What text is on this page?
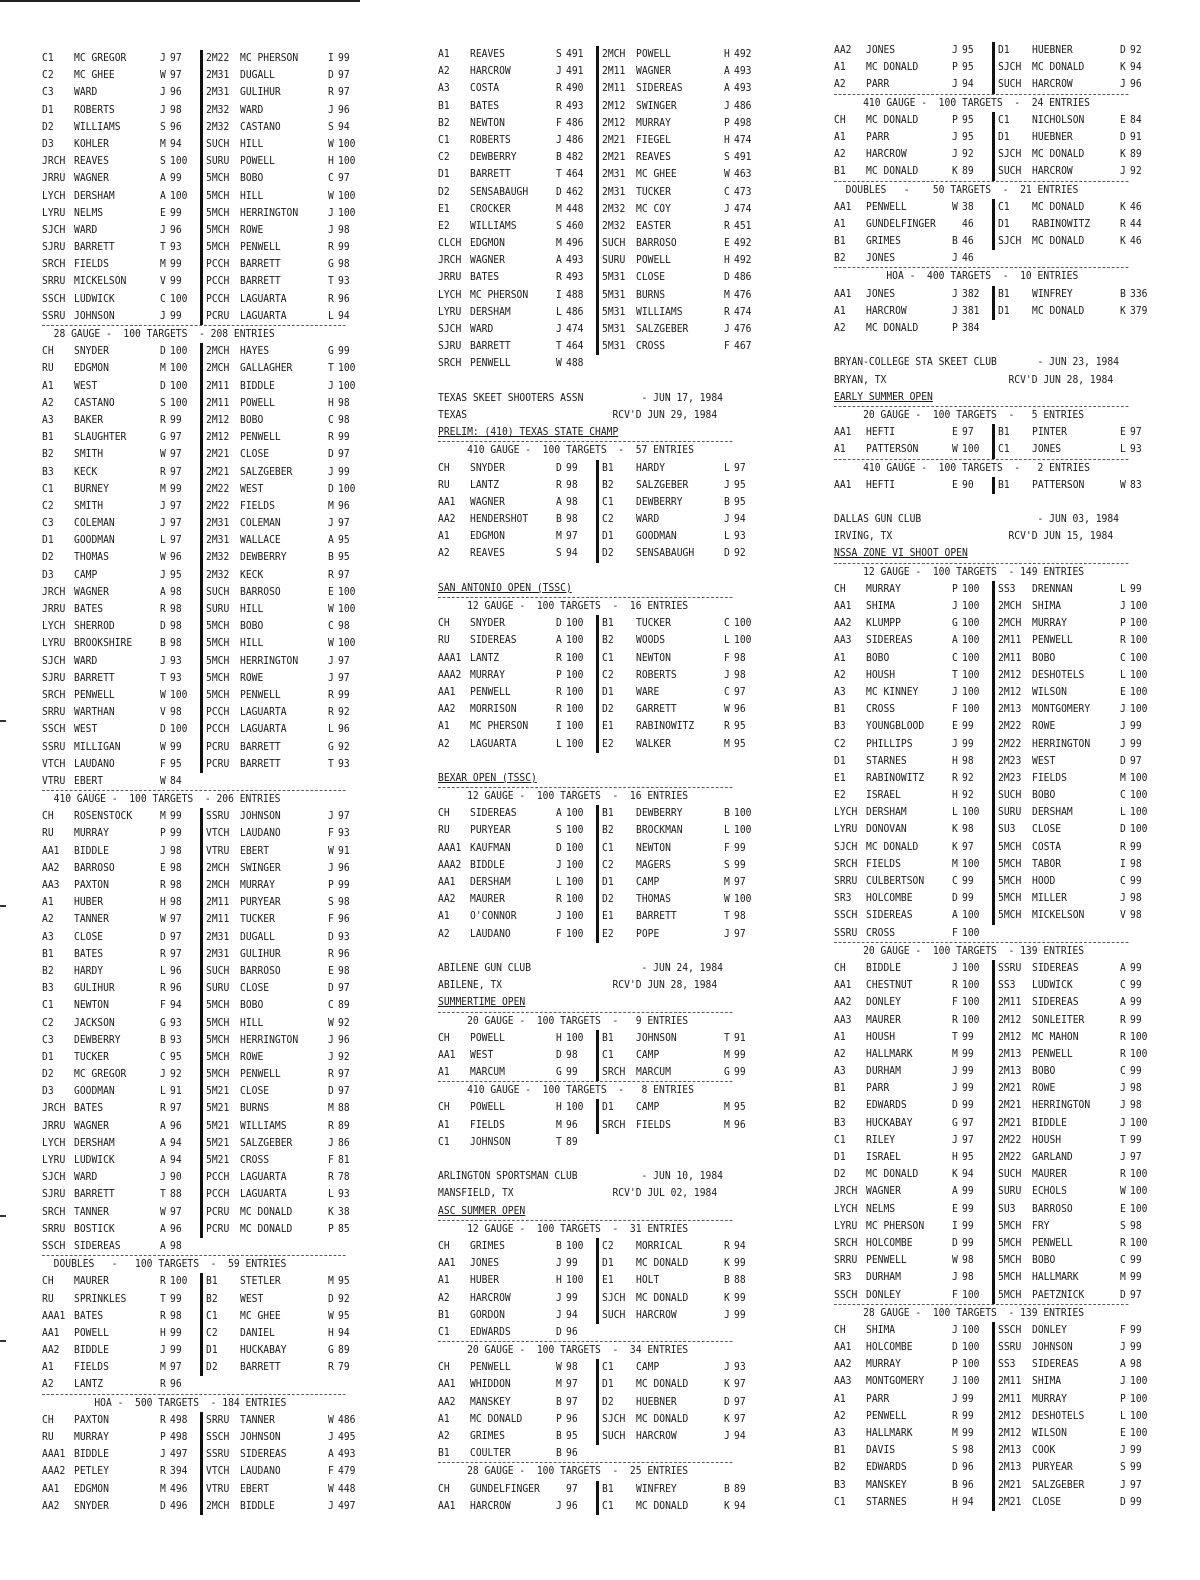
C1 MC GREGOR	J 97 2M22 MC PHERSON	I 99
C2 MC GHEE	W 97 2M31 DUGALL	D 97
C3 WARD	J 96 2M31 GULIHUR	R 97
D1 ROBERTS	J 98 2M32 WARD	J 96
D2 WILLIAMS	S 96 2M32 CASTANO	S 94
D3 KOHLER	M 94 SUCH HILL	W 100
JRCH REAVES	S 100 SURU POWELL	H 100
JRRU WAGNER	A 99 5MCH BOBO	C 97
LYCH DERSHAM	A 100 5MCH HILL	W 100
LYRU NELMS	E 99 5MCH HERRINGTON	J 100
SJCH WARD	J 96 5MCH ROWE	J 98
SJRU BARRETT	T 93 5MCH PENWELL	R 99
SRCH FIELDS	M 99 PCCH BARRETT	G 98
SRRU MICKELSON	V 99 PCCH BARRETT	T 93
SSCH LUDWICK	C 100 PCCH LAGUARTA	R 96
SSRU JOHNSON	J 99 PCRU LAGUARTA	L 94
28 GAUGE -  100 TARGETS  - 208 ENTRIES
CH SNYDER	D 100 2MCH HAYES	G 99
RU EDGMON	M 100 2MCH GALLAGHER	T 100
A1 WEST	D 100 2M11 BIDDLE	J 100
A2 CASTANO	S 100 2M11 POWELL	H 98
A3 BAKER	R 99 2M12 BOBO	C 98
B1 SLAUGHTER	G 97 2M12 PENWELL	R 99
B2 SMITH	W 97 2M21 CLOSE	D 97
B3 KECK	R 97 2M21 SALZGEBER	J 99
C1 BURNEY	M 99 2M22 WEST	D 100
C2 SMITH	J 97 2M22 FIELDS	M 96
C3 COLEMAN	J 97 2M31 COLEMAN	J 97
D1 GOODMAN	L 97 2M31 WALLACE	A 95
D2 THOMAS	W 96 2M32 DEWBERRY	B 95
D3 CAMP	J 95 2M32 KECK	R 97
JRCH WAGNER	A 98 SUCH BARROSO	E 100
JRRU BATES	R 98 SURU HILL	W 100
LYCH SHERROD	D 98 5MCH BOBO	C 98
LYRU BROOKSHIRE	B 98 5MCH HILL	W 100
SJCH WARD	J 93 5MCH HERRINGTON	J 97
SJRU BARRETT	T 93 5MCH ROWE	J 97
SRCH PENWELL	W 100 5MCH PENWELL	R 99
SRRU WARTHAN	V 98 PCCH LAGUARTA	R 92
SSCH WEST	D 100 PCCH LAGUARTA	L 96
SSRU MILLIGAN	W 99 PCRU BARRETT	G 92
VTCH LAUDANO	F 95 PCRU BARRETT	T 93
VTRU EBERT	W 84
410 GAUGE -  100 TARGETS  - 206 ENTRIES
CH ROSENSTOCK	M 99 SSRU JOHNSON	J 97
RU MURRAY	P 99 VTCH LAUDANO	F 93
AA1 BIDDLE	J 98 VTRU EBERT	W 91
AA2 BARROSO	E 98 2MCH SWINGER	J 96
AA3 PAXTON	R 98 2MCH MURRAY	P 99
A1 HUBER	H 98 2M11 PURYEAR	S 98
A2 TANNER	W 97 2M11 TUCKER	F 96
A3 CLOSE	D 97 2M31 DUGALL	D 93
B1 BATES	R 97 2M31 GULIHUR	R 96
B2 HARDY	L 96 SUCH BARROSO	E 98
B3 GULIHUR	R 96 SURU CLOSE	D 97
C1 NEWTON	F 94 5MCH BOBO	C 89
C2 JACKSON	G 93 5MCH HILL	W 92
C3 DEWBERRY	B 93 5MCH HERRINGTON	J 96
D1 TUCKER	C 95 5MCH ROWE	J 92
D2 MC GREGOR	J 92 5MCH PENWELL	R 97
D3 GOODMAN	L 91 5M21 CLOSE	D 97
JRCH BATES	R 97 5M21 BURNS	M 88
JRRU WAGNER	A 96 5M21 WILLIAMS	R 89
LYCH DERSHAM	A 94 5M21 SALZGEBER	J 86
LYRU LUDWICK	A 94 5M21 CROSS	F 81
SJCH WARD	J 90 PCCH LAGUARTA	R 78
SJRU BARRETT	T 88 PCCH LAGUARTA	L 93
SRCH TANNER	W 97 PCRU MC DONALD	K 38
SRRU BOSTICK	A 96 PCRU MC DONALD	P 85
SSCH SIDEREAS	A 98
DOUBLES   -   100 TARGETS  -  59 ENTRIES
CH MAURER	R 100 B1 STETLER	M 95
RU SPRINKLES	T 99 B2 WEST	D 92
AAA1 BATES	R 98 C1 MC GHEE	W 95
AA1 POWELL	H 99 C2 DANIEL	H 94
AA2 BIDDLE	J 99 D1 HUCKABAY	G 89
A1 FIELDS	M 97 D2 BARRETT	R 79
A2 LANTZ	R 96
HOA -  500 TARGETS  - 184 ENTRIES
CH PAXTON	R 498 SRRU TANNER	W 486
RU MURRAY	P 498 SSCH JOHNSON	J 495
AAA1 BIDDLE	J 497 SSRU SIDEREAS	A 493
AAA2 PETLEY	R 394 VTCH LAUDANO	F 479
AA1 EDGMON	M 496 VTRU EBERT	W 448
AA2 SNYDER	D 496 2MCH BIDDLE	J 497
A1 REAVES	S 491 2MCH POWELL	H 492
A2 HARCROW	J 491 2M11 WAGNER	A 493
A3 COSTA	R 490 2M11 SIDEREAS	A 493
B1 BATES	R 493 2M12 SWINGER	J 486
B2 NEWTON	F 486 2M12 MURRAY	P 498
C1 ROBERTS	J 486 2M21 FIEGEL	H 474
C2 DEWBERRY	B 482 2M21 REAVES	S 491
D1 BARRETT	T 464 2M31 MC GHEE	W 463
D2 SENSABAUGH	D 462 2M31 TUCKER	C 473
E1 CROCKER	M 448 2M32 MC COY	J 474
E2 WILLIAMS	S 460 2M32 EASTER	R 451
CLCH EDGMON	M 496 SUCH BARROSO	E 492
JRCH WAGNER	A 493 SURU POWELL	H 492
JRRU BATES	R 493 5M31 CLOSE	D 486
LYCH MC PHERSON	I 488 5M31 BURNS	M 476
LYRU DERSHAM	L 486 5M31 WILLIAMS	R 474
SJCH WARD	J 474 5M31 SALZGEBER	J 476
SJRU BARRETT	T 464 5M31 CROSS	F 467
SRCH PENWELL	W 488
TEXAS SKEET SHOOTERS ASSN          - JUN 17, 1984
TEXAS                         RCV'D JUN 29, 1984
PRELIM: (410) TEXAS STATE CHAMP
410 GAUGE -  100 TARGETS  -  57 ENTRIES
CH SNYDER	D 99 B1 HARDY	L 97
RU LANTZ	R 98 B2 SALZGEBER	J 95
AA1 WAGNER	A 98 C1 DEWBERRY	B 95
AA2 HENDERSHOT	B 98 C2 WARD	J 94
A1 EDGMON	M 97 D1 GOODMAN	L 93
A2 REAVES	S 94 D2 SENSABAUGH	D 92
SAN ANTONIO OPEN (TSSC)
12 GAUGE -  100 TARGETS  -  16 ENTRIES
CH SNYDER	D 100 B1 TUCKER	C 100
RU SIDEREAS	A 100 B2 WOODS	L 100
AAA1 LANTZ	R 100 C1 NEWTON	F 98
AAA2 MURRAY	P 100 C2 ROBERTS	J 98
AA1 PENWELL	R 100 D1 WARE	C 97
AA2 MORRISON	R 100 D2 GARRETT	W 96
A1 MC PHERSON	I 100 E1 RABINOWITZ	R 95
A2 LAGUARTA	L 100 E2 WALKER	M 95
BEXAR OPEN (TSSC)
12 GAUGE -  100 TARGETS  -  16 ENTRIES
CH SIDEREAS	A 100 B1 DEWBERRY	B 100
RU PURYEAR	S 100 B2 BROCKMAN	L 100
AAA1 KAUFMAN	D 100 C1 NEWTON	F 99
AAA2 BIDDLE	J 100 C2 MAGERS	S 99
AA1 DERSHAM	L 100 D1 CAMP	M 97
AA2 MAURER	R 100 D2 THOMAS	W 100
A1 O'CONNOR	J 100 E1 BARRETT	T 98
A2 LAUDANO	F 100 E2 POPE	J 97
ABILENE GUN CLUB                   - JUN 24, 1984
ABILENE, TX                   RCV'D JUN 28, 1984
SUMMERTIME OPEN
20 GAUGE -  100 TARGETS  -   9 ENTRIES
CH POWELL	H 100 B1 JOHNSON	T 91
AA1 WEST	D 98 C1 CAMP	M 99
A1 MARCUM	G 99 SRCH MARCUM	G 99
410 GAUGE -  100 TARGETS  -   8 ENTRIES
CH POWELL	H 100 D1 CAMP	M 95
A1 FIELDS	M 96 SRCH FIELDS	M 96
C1 JOHNSON	T 89
ARLINGTON SPORTSMAN CLUB           - JUN 10, 1984
MANSFIELD, TX                 RCV'D JUL 02, 1984
ASC SUMMER OPEN
12 GAUGE -  100 TARGETS  -  31 ENTRIES
CH GRIMES	B 100 C2 MORRICAL	R 94
AA1 JONES	J 99 D1 MC DONALD	K 99
A1 HUBER	H 100 E1 HOLT	B 88
A2 HARCROW	J 99 SJCH MC DONALD	K 99
B1 GORDON	J 94 SUCH HARCROW	J 99
C1 EDWARDS	D 96
20 GAUGE -  100 TARGETS  -  34 ENTRIES
CH PENWELL	W 98 C1 CAMP	J 93
AA1 WHIDDON	M 97 D1 MC DONALD	K 97
AA2 MANSKEY	B 97 D2 HUEBNER	D 97
A1 MC DONALD	P 96 SJCH MC DONALD	K 97
A2 GRIMES	B 95 SUCH HARCROW	J 94
B1 COULTER	B 96
28 GAUGE -  100 TARGETS  -  25 ENTRIES
CH GUNDELFINGER 97 B1 WINFREY	B 89
AA1 HARCROW	J 96 C1 MC DONALD	K 94
AA2 JONES	J 95 D1 HUEBNER	D 92
A1 MC DONALD	P 95 SJCH MC DONALD	K 94
A2 PARR	J 94 SUCH HARCROW	J 96
410 GAUGE -  100 TARGETS  -  24 ENTRIES
CH MC DONALD	P 95 C1 NICHOLSON	E 84
A1 PARR	J 95 D1 HUEBNER	D 91
A2 HARCROW	J 92 SJCH MC DONALD	K 89
B1 MC DONALD	K 89 SUCH HARCROW	J 92
DOUBLES   -    50 TARGETS  -  21 ENTRIES
AA1 PENWELL	W 38 C1 MC DONALD	K 46
A1 GUNDELFINGER 46 D1 RABINOWITZ	R 44
B1 GRIMES	B 46 SJCH MC DONALD	K 46
B2 JONES	J 46
HOA -  400 TARGETS  -  10 ENTRIES
AA1 JONES	J 382 B1 WINFREY	B 336
A1 HARCROW	J 381 D1 MC DONALD	K 379
A2 MC DONALD	P 384
BRYAN-COLLEGE STA SKEET CLUB       - JUN 23, 1984
BRYAN, TX                     RCV'D JUN 28, 1984
EARLY SUMMER OPEN
20 GAUGE -  100 TARGETS  -   5 ENTRIES
AA1 HEFTI	E 97 B1 PINTER	E 97
A1 PATTERSON	W 100 C1 JONES	L 93
410 GAUGE -  100 TARGETS  -   2 ENTRIES
AA1 HEFTI	E 90 B1 PATTERSON	W 83
DALLAS GUN CLUB                    - JUN 03, 1984
IRVING, TX                    RCV'D JUN 15, 1984
NSSA ZONE VI SHOOT OPEN
12 GAUGE -  100 TARGETS  - 149 ENTRIES
CH MURRAY	P 100 SS3 DRENNAN	L 99
AA1 SHIMA	J 100 2MCH SHIMA	J 100
AA2 KLUMPP	G 100 2MCH MURRAY	P 100
AA3 SIDEREAS	A 100 2M11 PENWELL	R 100
A1 BOBO	C 100 2M11 BOBO	C 100
A2 HOUSH	T 100 2M12 DESHOTELS	L 100
A3 MC KINNEY	J 100 2M12 WILSON	E 100
B1 CROSS	F 100 2M13 MONTGOMERY	J 100
B3 YOUNGBLOOD	E 99 2M22 ROWE	J 99
C2 PHILLIPS	J 99 2M22 HERRINGTON	J 99
D1 STARNES	H 98 2M23 WEST	D 97
E1 RABINOWITZ	R 92 2M23 FIELDS	M 100
E2 ISRAEL	H 92 SUCH BOBO	C 100
LYCH DERSHAM	L 100 SURU DERSHAM	L 100
LYRU DONOVAN	K 98 SU3 CLOSE	D 100
SJCH MC DONALD	K 97 5MCH COSTA	R 99
SRCH FIELDS	M 100 5MCH TABOR	I 98
SRRU CULBERTSON	C 99 5MCH HOOD	C 99
SR3 HOLCOMBE	D 99 5MCH MILLER	J 98
SSCH SIDEREAS	A 100 5MCH MICKELSON	V 98
SSRU CROSS	F 100
20 GAUGE -  100 TARGETS  - 139 ENTRIES
CH BIDDLE	J 100 SSRU SIDEREAS	A 99
AA1 CHESTNUT	R 100 SS3 LUDWICK	C 99
AA2 DONLEY	F 100 2M11 SIDEREAS	A 99
AA3 MAURER	R 100 2M12 SONLEITER	R 99
A1 HOUSH	T 99 2M12 MC MAHON	R 100
A2 HALLMARK	M 99 2M13 PENWELL	R 100
A3 DURHAM	J 99 2M13 BOBO	C 99
B1 PARR	J 99 2M21 ROWE	J 98
B2 EDWARDS	D 99 2M21 HERRINGTON	J 98
B3 HUCKABAY	G 97 2M21 BIDDLE	J 100
C1 RILEY	J 97 2M22 HOUSH	T 99
D1 ISRAEL	H 95 2M22 GARLAND	J 97
D2 MC DONALD	K 94 SUCH MAURER	R 100
JRCH WAGNER	A 99 SURU ECHOLS	W 100
LYCH NELMS	E 99 SU3 BARROSO	E 100
LYRU MC PHERSON	I 99 5MCH FRY	S 98
SRCH HOLCOMBE	D 99 5MCH PENWELL	R 100
SRRU PENWELL	W 98 5MCH BOBO	C 99
SR3 DURHAM	J 98 5MCH HALLMARK	M 99
SSCH DONLEY	F 100 5MCH PAETZNICK	D 97
28 GAUGE -  100 TARGETS  - 139 ENTRIES
CH SHIMA	J 100 SSCH DONLEY	F 99
AA1 HOLCOMBE	D 100 SSRU JOHNSON	J 99
AA2 MURRAY	P 100 SS3 SIDEREAS	A 98
AA3 MONTGOMERY	J 100 2M11 SHIMA	J 100
A1 PARR	J 99 2M11 MURRAY	P 100
A2 PENWELL	R 99 2M12 DESHOTELS	L 100
A3 HALLMARK	M 99 2M12 WILSON	E 100
B1 DAVIS	S 98 2M13 COOK	J 99
B2 EDWARDS	D 96 2M13 PURYEAR	S 99
B3 MANSKEY	B 96 2M21 SALZGEBER	J 97
C1 STARNES	H 94 2M21 CLOSE	D 99
